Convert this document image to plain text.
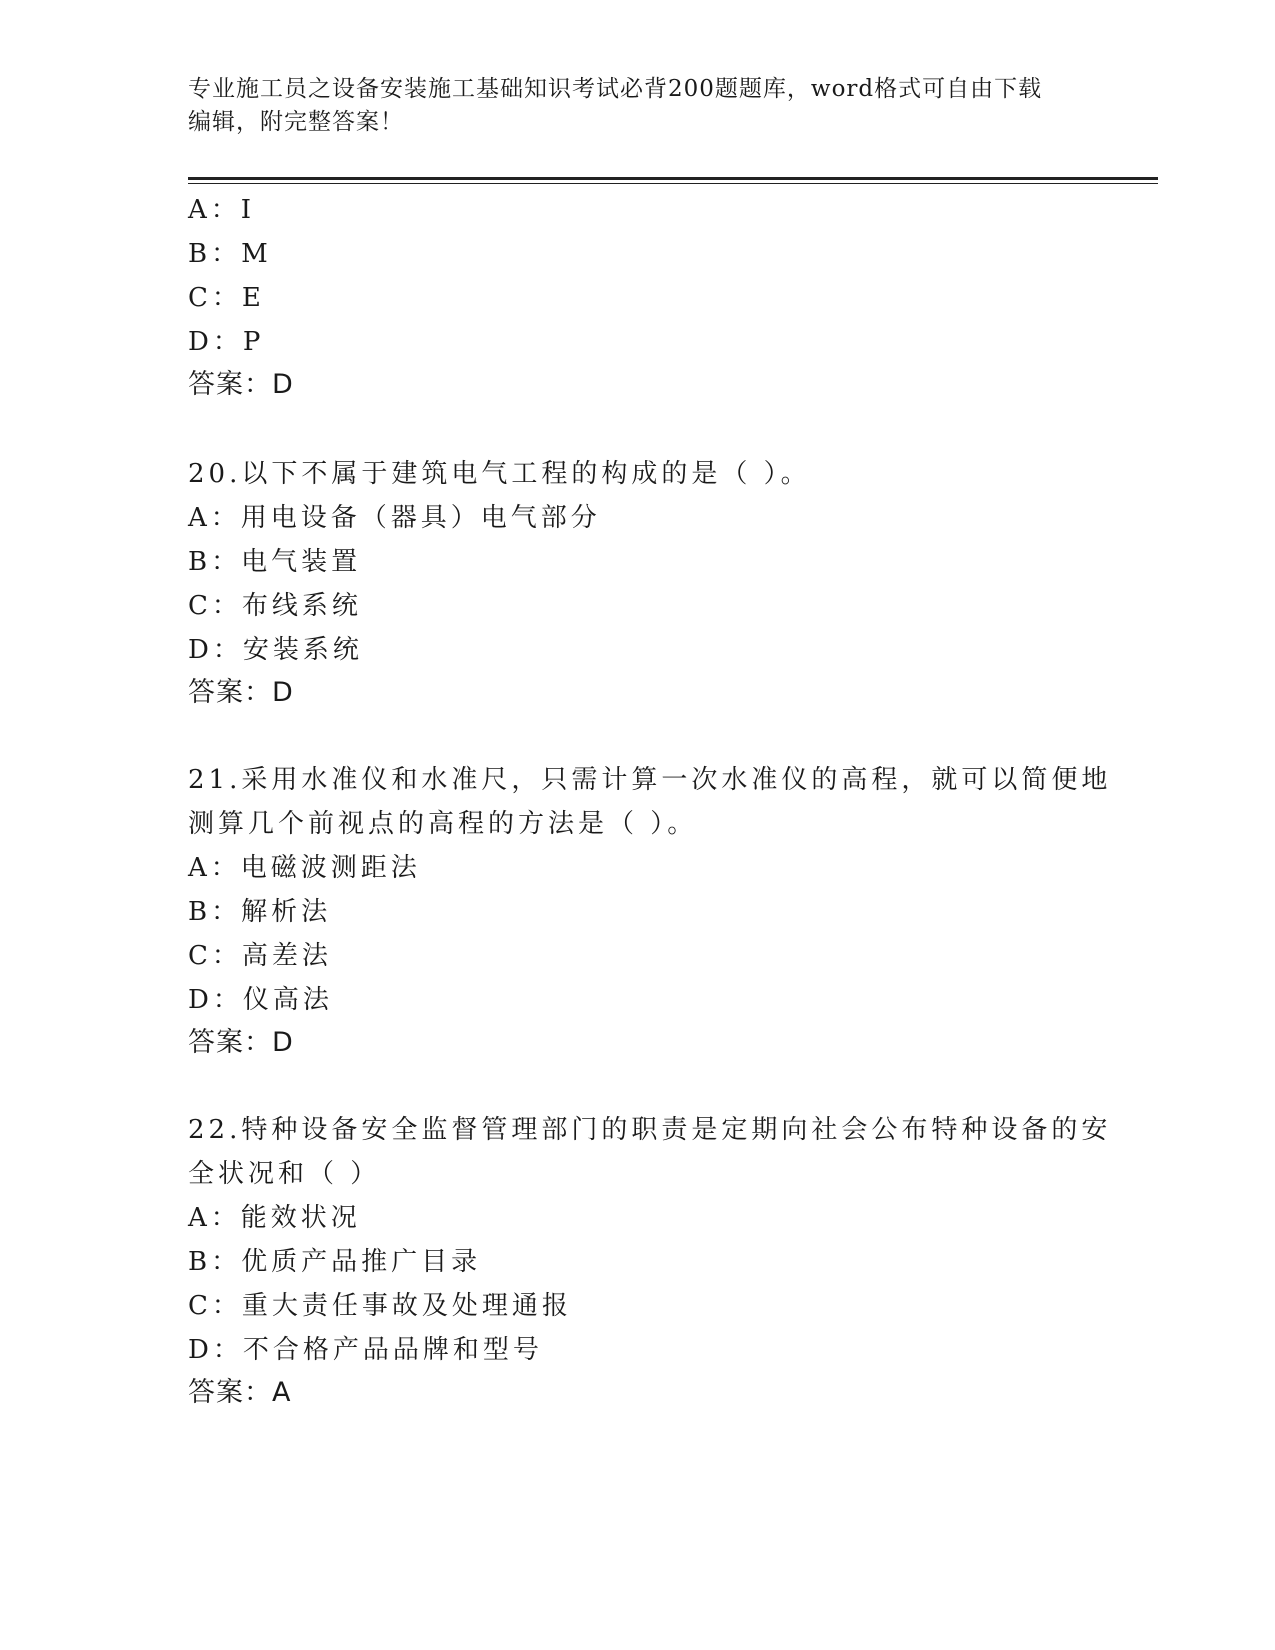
专业施工员之设备安装施工基础知识考试必背200题题库，word格式可自由下载
编辑，附完整答案！
A：I
B：M
C：E
D：P
答案：D
20.以下不属于建筑电气工程的构成的是（ ）。
A：用电设备（器具）电气部分
B：电气装置
C：布线系统
D：安装系统
答案：D
21.采用水准仪和水准尺，只需计算一次水准仪的高程，就可以简便地
测算几个前视点的高程的方法是（ ）。
A：电磁波测距法
B：解析法
C：高差法
D：仪高法
答案：D
22.特种设备安全监督管理部门的职责是定期向社会公布特种设备的安
全状况和（ ）
A：能效状况
B：优质产品推广目录
C：重大责任事故及处理通报
D：不合格产品品牌和型号
答案：A
